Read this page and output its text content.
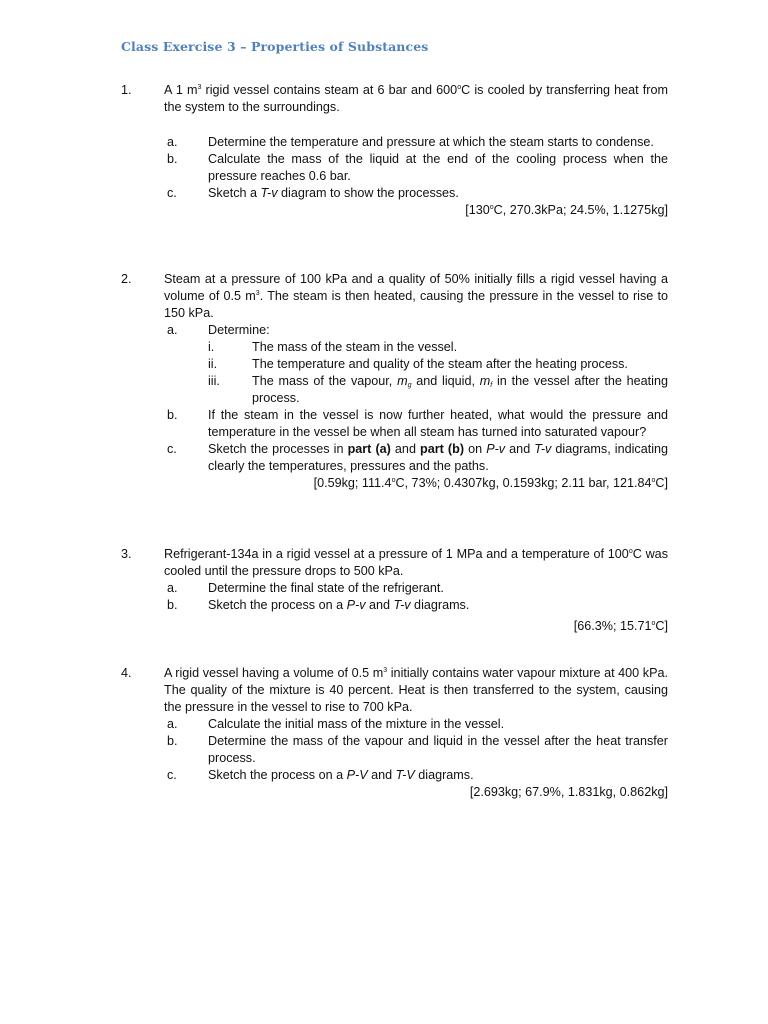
Class Exercise 3 – Properties of Substances
1.	A 1 $m^3$ rigid vessel contains steam at 6 bar and 600$^o$C is cooled by transferring heat from the system to the surroundings.
a. Determine the temperature and pressure at which the steam starts to condense.
b. Calculate the mass of the liquid at the end of the cooling process when the pressure reaches 0.6 bar.
c. Sketch a T-v diagram to show the processes.
[130$^o$C, 270.3kPa; 24.5%, 1.1275kg]
2.	Steam at a pressure of 100 kPa and a quality of 50% initially fills a rigid vessel having a volume of 0.5 $m^3$. The steam is then heated, causing the pressure in the vessel to rise to 150 kPa.
a. Determine:
i.	The mass of the steam in the vessel.
ii.	The temperature and quality of the steam after the heating process.
iii.	The mass of the vapour, $m_g$ and liquid, $m_f$ in the vessel after the heating process.
b. If the steam in the vessel is now further heated, what would the pressure and temperature in the vessel be when all steam has turned into saturated vapour?
c. Sketch the processes in part (a) and part (b) on P-v and T-v diagrams, indicating clearly the temperatures, pressures and the paths.
[0.59kg; 111.4$^o$C, 73%; 0.4307kg, 0.1593kg; 2.11 bar, 121.84$^o$C]
3.	Refrigerant-134a in a rigid vessel at a pressure of 1 MPa and a temperature of 100$^o$C was cooled until the pressure drops to 500 kPa.
a. Determine the final state of the refrigerant.
b. Sketch the process on a P-v and T-v diagrams.
[66.3%; 15.71$^o$C]
4.	A rigid vessel having a volume of 0.5 $m^3$ initially contains water vapour mixture at 400 kPa. The quality of the mixture is 40 percent. Heat is then transferred to the system, causing the pressure in the vessel to rise to 700 kPa.
a. Calculate the initial mass of the mixture in the vessel.
b. Determine the mass of the vapour and liquid in the vessel after the heat transfer process.
c. Sketch the process on a P-V and T-V diagrams.
[2.693kg; 67.9%, 1.831kg, 0.862kg]
